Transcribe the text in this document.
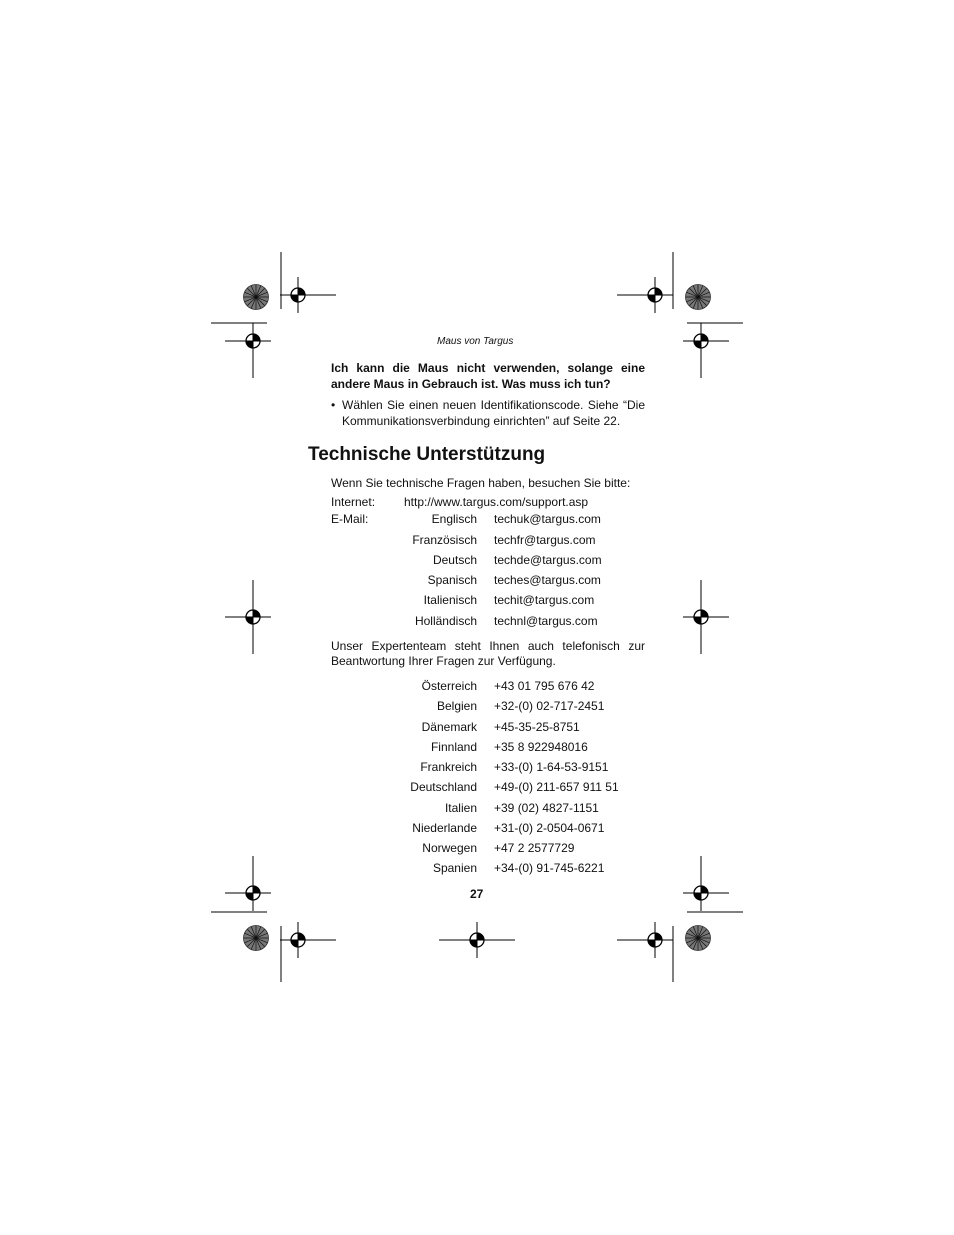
Maus von Targus
Ich kann die Maus nicht verwenden, solange eine andere Maus in Gebrauch ist. Was muss ich tun?
• Wählen Sie einen neuen Identifikationscode. Siehe “Die Kommunikationsverbindung einrichten” auf Seite 22.
Technische Unterstützung
Wenn Sie technische Fragen haben, besuchen Sie bitte:
Internet: http://www.targus.com/support.asp
E-Mail:	Englisch techuk@targus.com
Französisch techfr@targus.com
Deutsch techde@targus.com
Spanisch teches@targus.com
Italienisch techit@targus.com
Holländisch technl@targus.com
Unser Expertenteam steht Ihnen auch telefonisch zur Beantwortung Ihrer Fragen zur Verfügung.
Österreich +43 01 795 676 42
Belgien +32-(0) 02-717-2451
Dänemark +45-35-25-8751
Finnland +35 8 922948016
Frankreich +33-(0) 1-64-53-9151
Deutschland +49-(0) 211-657 911 51
Italien +39 (02) 4827-1151
Niederlande +31-(0) 2-0504-0671
Norwegen +47 2 2577729
Spanien +34-(0) 91-745-6221
27
